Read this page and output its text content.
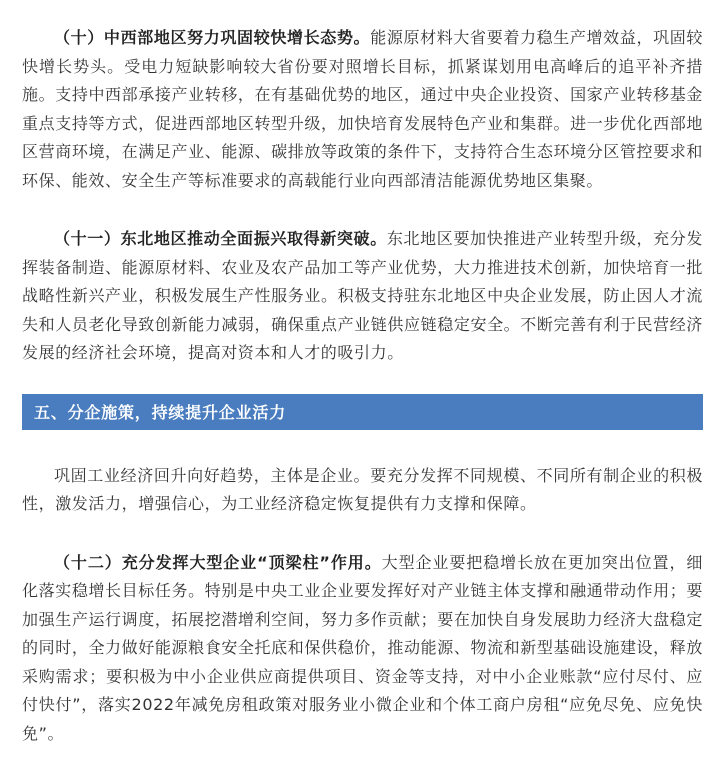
（十）中西部地区努力巩固较快增长态势。能源原材料大省要着力稳生产增效益，巩固较快增长势头。受电力短缺影响较大省份要对照增长目标，抓紧谋划用电高峰后的追平补齐措施。支持中西部承接产业转移，在有基础优势的地区，通过中央企业投资、国家产业转移基金重点支持等方式，促进西部地区转型升级，加快培育发展特色产业和集群。进一步优化西部地区营商环境，在满足产业、能源、碳排放等政策的条件下，支持符合生态环境分区管控要求和环保、能效、安全生产等标准要求的高载能行业向西部清洁能源优势地区集聚。

（十一）东北地区推动全面振兴取得新突破。东北地区要加快推进产业转型升级，充分发挥装备制造、能源原材料、农业及农产品加工等产业优势，大力推进技术创新，加快培育一批战略性新兴产业，积极发展生产性服务业。积极支持驻东北地区中央企业发展，防止因人才流失和人员老化导致创新能力减弱，确保重点产业链供应链稳定安全。不断完善有利于民营经济发展的经济社会环境，提高对资本和人才的吸引力。

五、分企施策，持续提升企业活力

巩固工业经济回升向好趋势，主体是企业。要充分发挥不同规模、不同所有制企业的积极性，激发活力，增强信心，为工业经济稳定恢复提供有力支撑和保障。

（十二）充分发挥大型企业“顶梁柱”作用。大型企业要把稳增长放在更加突出位置，细化落实稳增长目标任务。特别是中央工业企业要发挥好对产业链主体支撑和融通带动作用；要加强生产运行调度，拓展挖潜增利空间，努力多作贡献；要在加快自身发展助力经济大盘稳定的同时，全力做好能源粮食安全托底和保供稳价，推动能源、物流和新型基础设施建设，释放采购需求；要积极为中小企业供应商提供项目、资金等支持，对中小企业账款“应付尽付、应付快付”，落实2022年减免房租政策对服务业小微企业和个体工商户房租“应免尽免、应免快免”。
